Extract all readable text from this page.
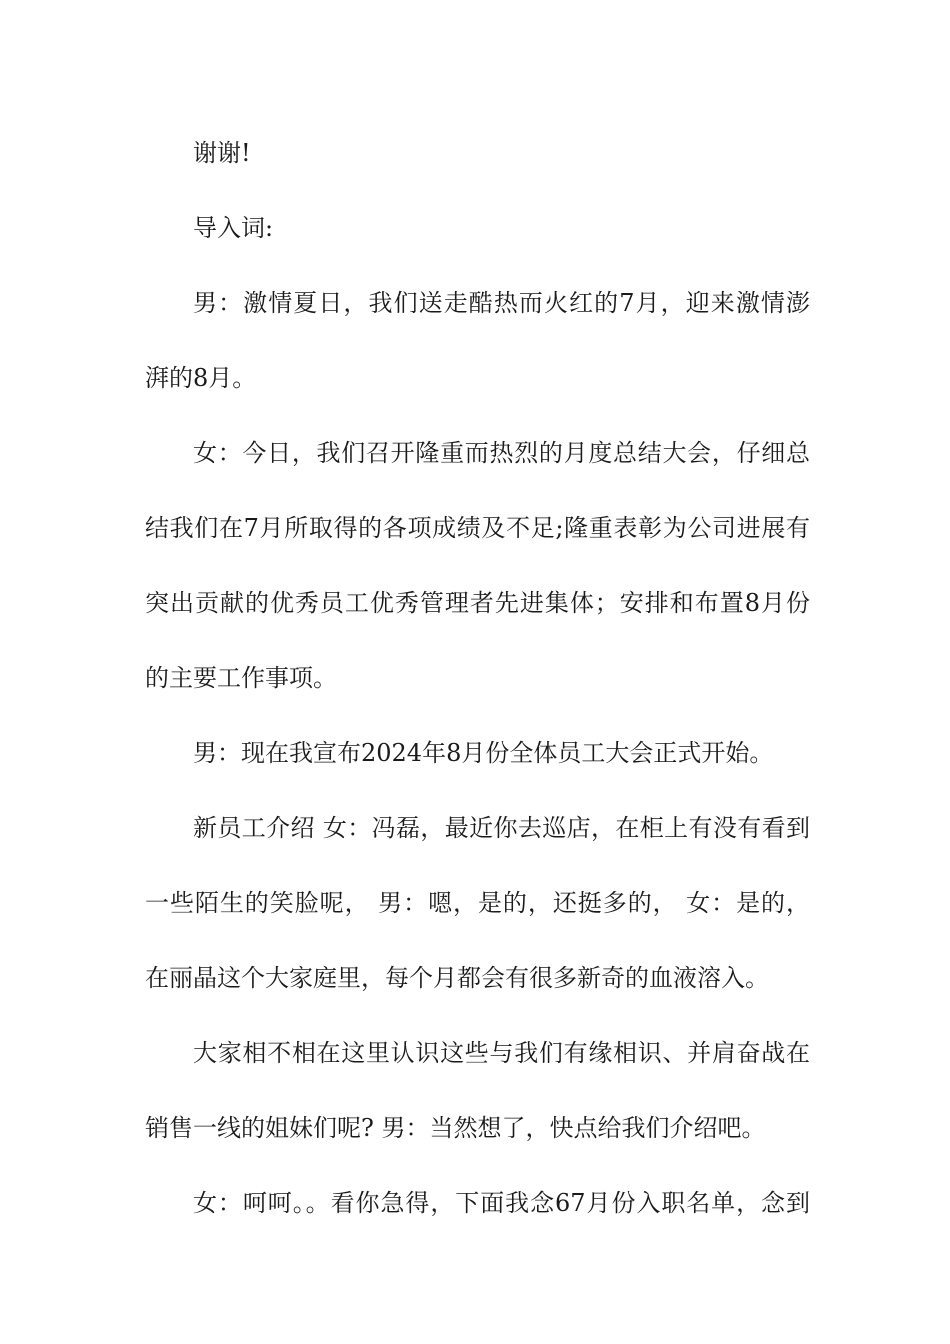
谢谢!
导入词:
男：激情夏日，我们送走酷热而火红的7月，迎来激情澎
湃的8月。
女：今日，我们召开隆重而热烈的月度总结大会，仔细总
结我们在7月所取得的各项成绩及不足;隆重表彰为公司进展有
突出贡献的优秀员工优秀管理者先进集体；安排和布置8月份
的主要工作事项。
男：现在我宣布2024年8月份全体员工大会正式开始。
新员工介绍 女：冯磊，最近你去巡店，在柜上有没有看到
一些陌生的笑脸呢， 男：嗯，是的，还挺多的， 女：是的，
在丽晶这个大家庭里，每个月都会有很多新奇的血液溶入。
大家相不相在这里认识这些与我们有缘相识、并肩奋战在
销售一线的姐妹们呢? 男：当然想了，快点给我们介绍吧。
女：呵呵。。看你急得，下面我念67月份入职名单，念到
